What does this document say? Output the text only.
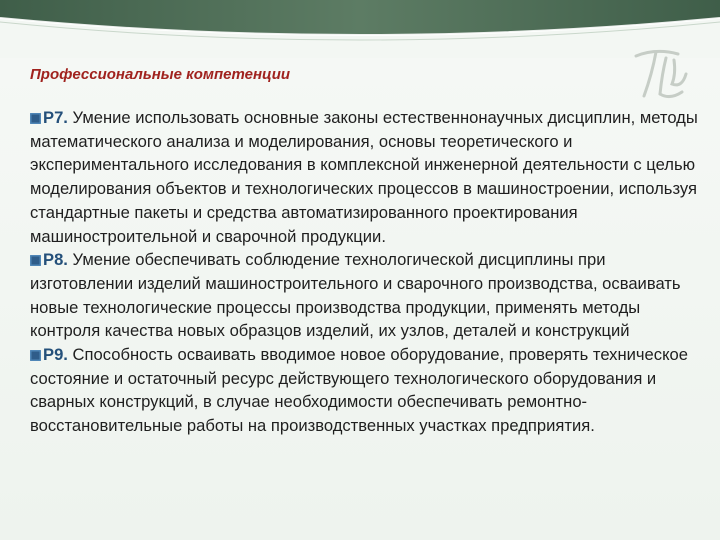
Профессиональные компетенции

P7. Умение использовать основные законы естественнонаучных дисциплин, методы математического анализа и моделирования, основы теоретического и экспериментального исследования в комплексной инженерной деятельности с целью моделирования объектов и технологических процессов в машиностроении, используя стандартные пакеты и средства автоматизированного проектирования машиностроительной и сварочной продукции.

P8. Умение обеспечивать соблюдение технологической дисциплины при изготовлении изделий машиностроительного и сварочного производства, осваивать новые технологические процессы производства продукции, применять методы контроля качества новых образцов изделий, их узлов, деталей и конструкций

P9. Способность осваивать вводимое новое оборудование, проверять техническое состояние и остаточный ресурс действующего технологического оборудования и сварных конструкций, в случае необходимости обеспечивать ремонтно-восстановительные работы на производственных участках предприятия.
